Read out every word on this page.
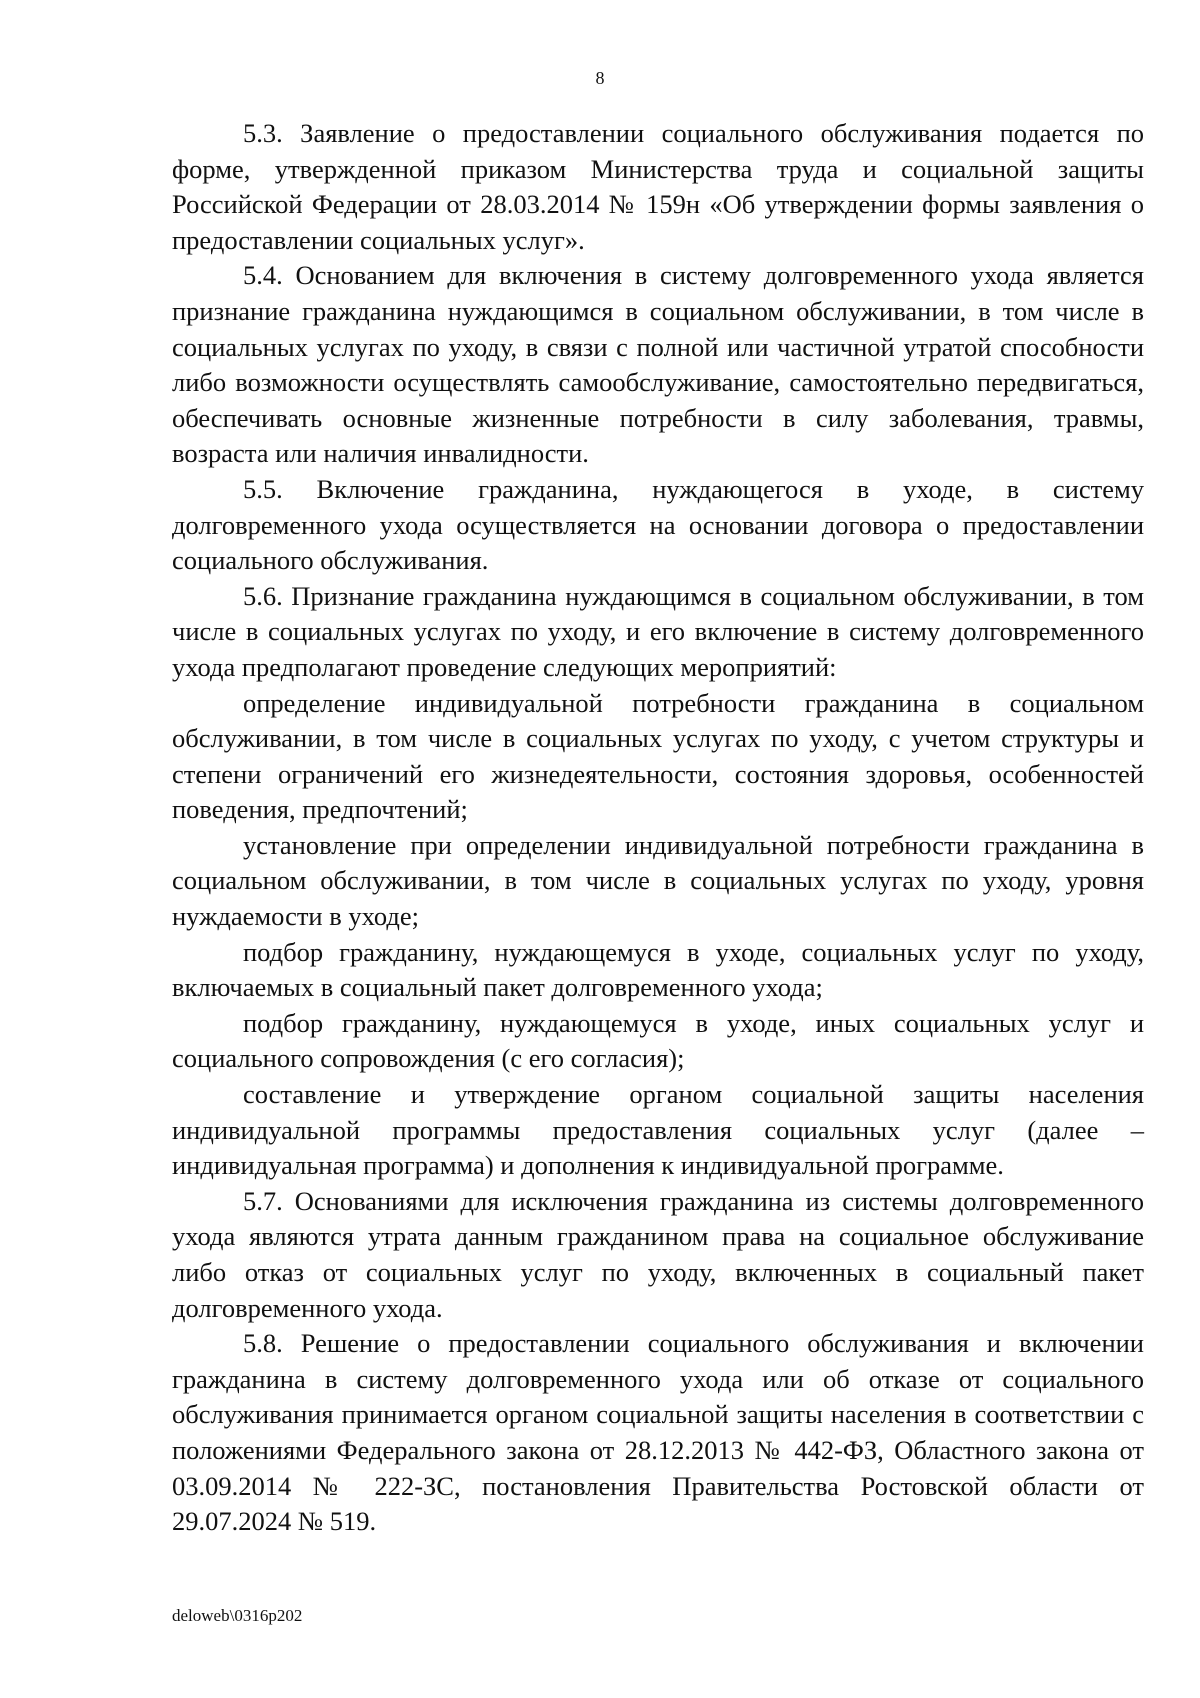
8

5.3. Заявление о предоставлении социального обслуживания подается по форме, утвержденной приказом Министерства труда и социальной защиты Российской Федерации от 28.03.2014 № 159н «Об утверждении формы заявления о предоставлении социальных услуг».

5.4. Основанием для включения в систему долговременного ухода является признание гражданина нуждающимся в социальном обслуживании, в том числе в социальных услугах по уходу, в связи с полной или частичной утратой способности либо возможности осуществлять самообслуживание, самостоятельно передвигаться, обеспечивать основные жизненные потребности в силу заболевания, травмы, возраста или наличия инвалидности.

5.5. Включение гражданина, нуждающегося в уходе, в систему долговременного ухода осуществляется на основании договора о предоставлении социального обслуживания.

5.6. Признание гражданина нуждающимся в социальном обслуживании, в том числе в социальных услугах по уходу, и его включение в систему долговременного ухода предполагают проведение следующих мероприятий:

определение индивидуальной потребности гражданина в социальном обслуживании, в том числе в социальных услугах по уходу, с учетом структуры и степени ограничений его жизнедеятельности, состояния здоровья, особенностей поведения, предпочтений;

установление при определении индивидуальной потребности гражданина в социальном обслуживании, в том числе в социальных услугах по уходу, уровня нуждаемости в уходе;

подбор гражданину, нуждающемуся в уходе, социальных услуг по уходу, включаемых в социальный пакет долговременного ухода;

подбор гражданину, нуждающемуся в уходе, иных социальных услуг и социального сопровождения (с его согласия);

составление и утверждение органом социальной защиты населения индивидуальной программы предоставления социальных услуг (далее – индивидуальная программа) и дополнения к индивидуальной программе.

5.7. Основаниями для исключения гражданина из системы долговременного ухода являются утрата данным гражданином права на социальное обслуживание либо отказ от социальных услуг по уходу, включенных в социальный пакет долговременного ухода.

5.8. Решение о предоставлении социального обслуживания и включении гражданина в систему долговременного ухода или об отказе от социального обслуживания принимается органом социальной защиты населения в соответствии с положениями Федерального закона от 28.12.2013 № 442-ФЗ, Областного закона от 03.09.2014 № 222-ЗС, постановления Правительства Ростовской области от 29.07.2024 № 519.

deloweb\0316p202
